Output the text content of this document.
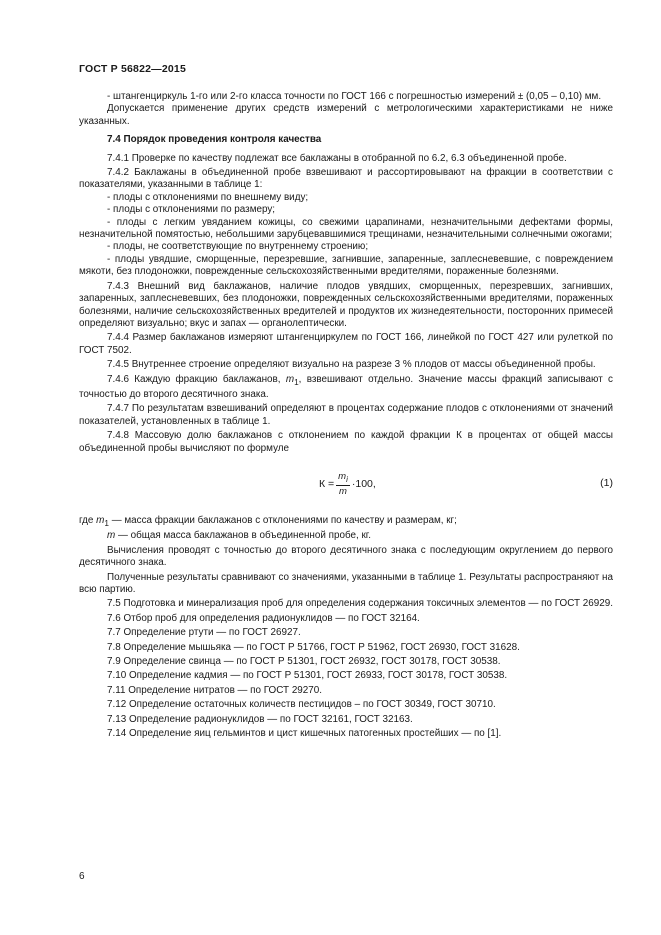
ГОСТ Р 56822—2015

- штангенциркуль 1-го или 2-го класса точности по ГОСТ 166 с погрешностью измерений ± (0,05 – 0,10) мм.

Допускается применение других средств измерений с метрологическими характеристиками не ниже указанных.

7.4 Порядок проведения контроля качества

7.4.1 Проверке по качеству подлежат все баклажаны в отобранной по 6.2, 6.3 объединенной пробе.

7.4.2 Баклажаны в объединенной пробе взвешивают и рассортировывают на фракции в соответствии с показателями, указанными в таблице 1:

- плоды с отклонениями по внешнему виду;

- плоды с отклонениями по размеру;

- плоды с легким увяданием кожицы, со свежими царапинами, незначительными дефектами формы, незначительной помятостью, небольшими зарубцевавшимися трещинами, незначительными солнечными ожогами;

- плоды, не соответствующие по внутреннему строению;

- плоды увядшие, сморщенные, перезревшие, загнившие, запаренные, заплесневевшие, с повреждением мякоти, без плодоножки, поврежденные сельскохозяйственными вредителями, пораженные болезнями.

7.4.3 Внешний вид баклажанов, наличие плодов увядших, сморщенных, перезревших, загнивших, запаренных, заплесневевших, без плодоножки, поврежденных сельскохозяйственными вредителями, пораженных болезнями, наличие сельскохозяйственных вредителей и продуктов их жизнедеятельности, посторонних примесей определяют визуально; вкус и запах — органолептически.

7.4.4 Размер баклажанов измеряют штангенциркулем по ГОСТ 166, линейкой по ГОСТ 427 или рулеткой по ГОСТ 7502.

7.4.5 Внутреннее строение определяют визуально на разрезе 3 % плодов от массы объединенной пробы.

7.4.6 Каждую фракцию баклажанов, $m_1$, взвешивают отдельно. Значение массы фракций записывают с точностью до второго десятичного знака.

7.4.7 По результатам взвешиваний определяют в процентах содержание плодов с отклонениями от значений показателей, установленных в таблице 1.

7.4.8 Массовую долю баклажанов с отклонением по каждой фракции К в процентах от общей массы объединенной пробы вычисляют по формуле

$К = \frac{m_i}{m} \cdot 100$,	(1)

где $m_1$ — масса фракции баклажанов с отклонениями по качеству и размерам, кг;

m — общая масса баклажанов в объединенной пробе, кг.

Вычисления проводят с точностью до второго десятичного знака с последующим округлением до первого десятичного знака.

Полученные результаты сравнивают со значениями, указанными в таблице 1. Результаты распространяют на всю партию.

7.5 Подготовка и минерализация проб для определения содержания токсичных элементов — по ГОСТ 26929.

7.6 Отбор проб для определения радионуклидов — по ГОСТ 32164.

7.7 Определение ртути — по ГОСТ 26927.

7.8 Определение мышьяка — по ГОСТ Р 51766, ГОСТ Р 51962, ГОСТ 26930, ГОСТ 31628.

7.9 Определение свинца — по ГОСТ Р 51301, ГОСТ 26932, ГОСТ 30178, ГОСТ 30538.

7.10 Определение кадмия — по ГОСТ Р 51301, ГОСТ 26933, ГОСТ 30178, ГОСТ 30538.

7.11 Определение нитратов — по ГОСТ 29270.

7.12 Определение остаточных количеств пестицидов – по ГОСТ 30349, ГОСТ 30710.

7.13 Определение радионуклидов — по ГОСТ 32161, ГОСТ 32163.

7.14 Определение яиц гельминтов и цист кишечных патогенных простейших — по [1].

6
